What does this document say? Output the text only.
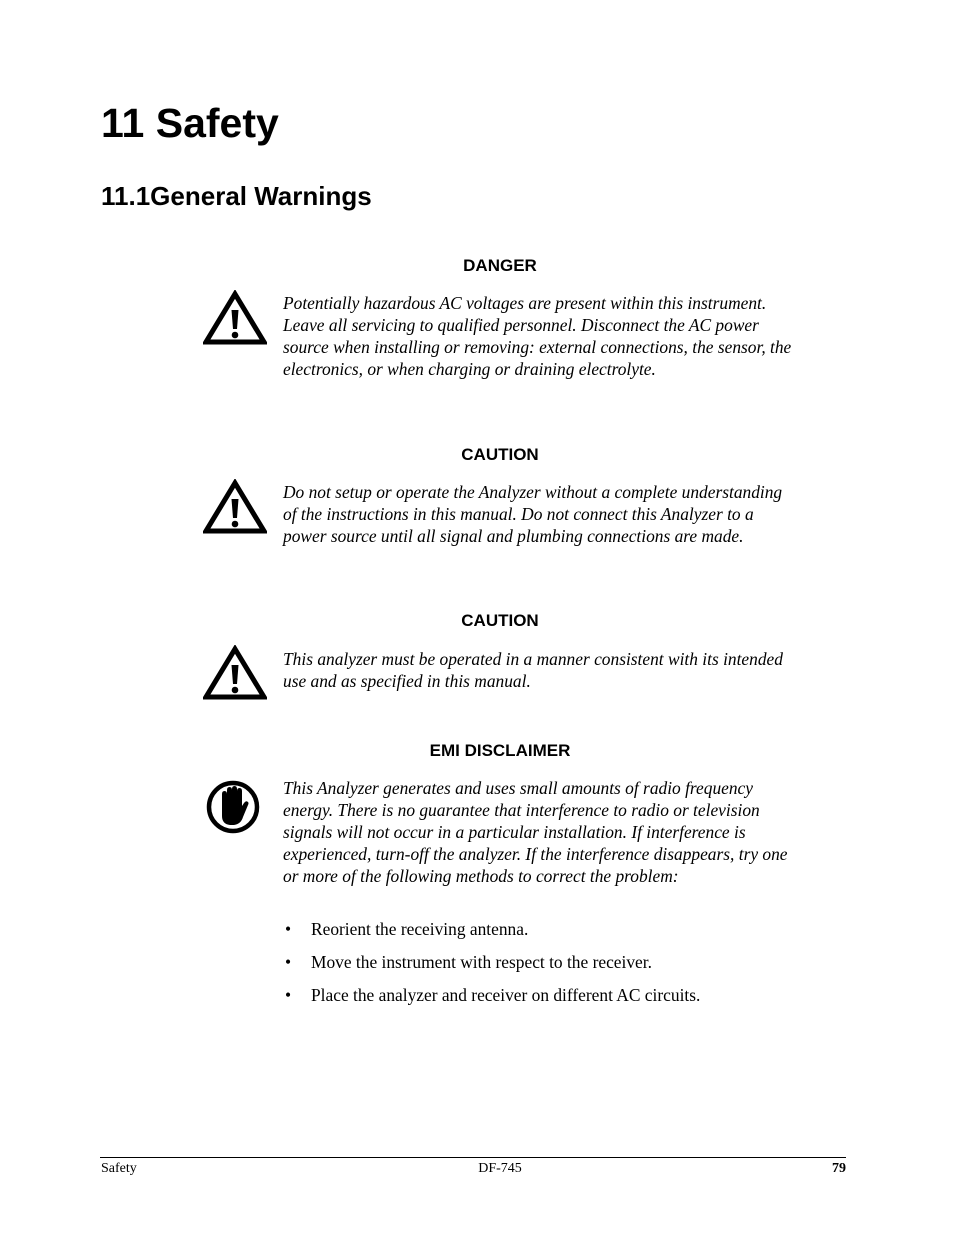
11 Safety
11.1General Warnings
DANGER

Potentially hazardous AC voltages are present within this instrument. Leave all servicing to qualified personnel. Disconnect the AC power source when installing or removing: external connections, the sensor, the electronics, or when charging or draining electrolyte.

CAUTION

Do not setup or operate the Analyzer without a complete understanding of the instructions in this manual. Do not connect this Analyzer to a power source until all signal and plumbing connections are made.

CAUTION

This analyzer must be operated in a manner consistent with its intended use and as specified in this manual.

EMI DISCLAIMER

This Analyzer generates and uses small amounts of radio frequency energy. There is no guarantee that interference to radio or television signals will not occur in a particular installation. If interference is experienced, turn-off the analyzer. If the interference disappears, try one or more of the following methods to correct the problem:

• Reorient the receiving antenna.
• Move the instrument with respect to the receiver.
• Place the analyzer and receiver on different AC circuits.
Safety	DF-745	79
